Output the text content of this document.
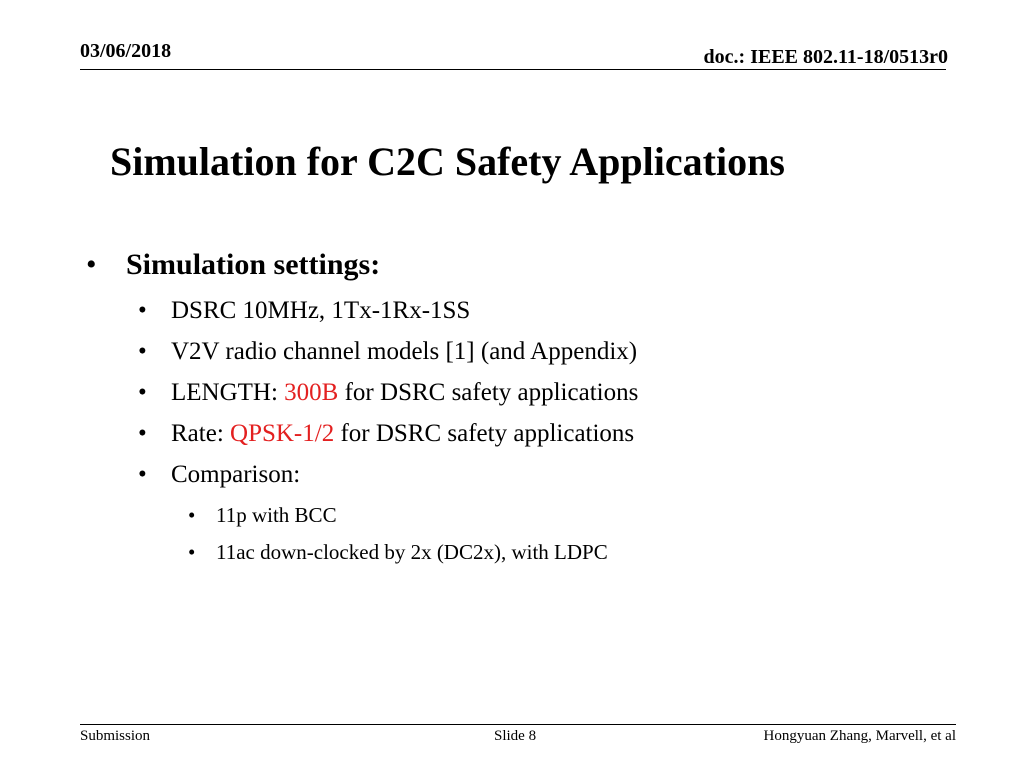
03/06/2018	doc.: IEEE 802.11-18/0513r0
Simulation for C2C Safety Applications
• Simulation settings:
• DSRC 10MHz, 1Tx-1Rx-1SS
• V2V radio channel models [1] (and Appendix)
• LENGTH: 300B for DSRC safety applications
• Rate: QPSK-1/2 for DSRC safety applications
• Comparison:
• 11p with BCC
• 11ac down-clocked by 2x (DC2x), with LDPC
Submission	Slide 8	Hongyuan Zhang, Marvell, et al
